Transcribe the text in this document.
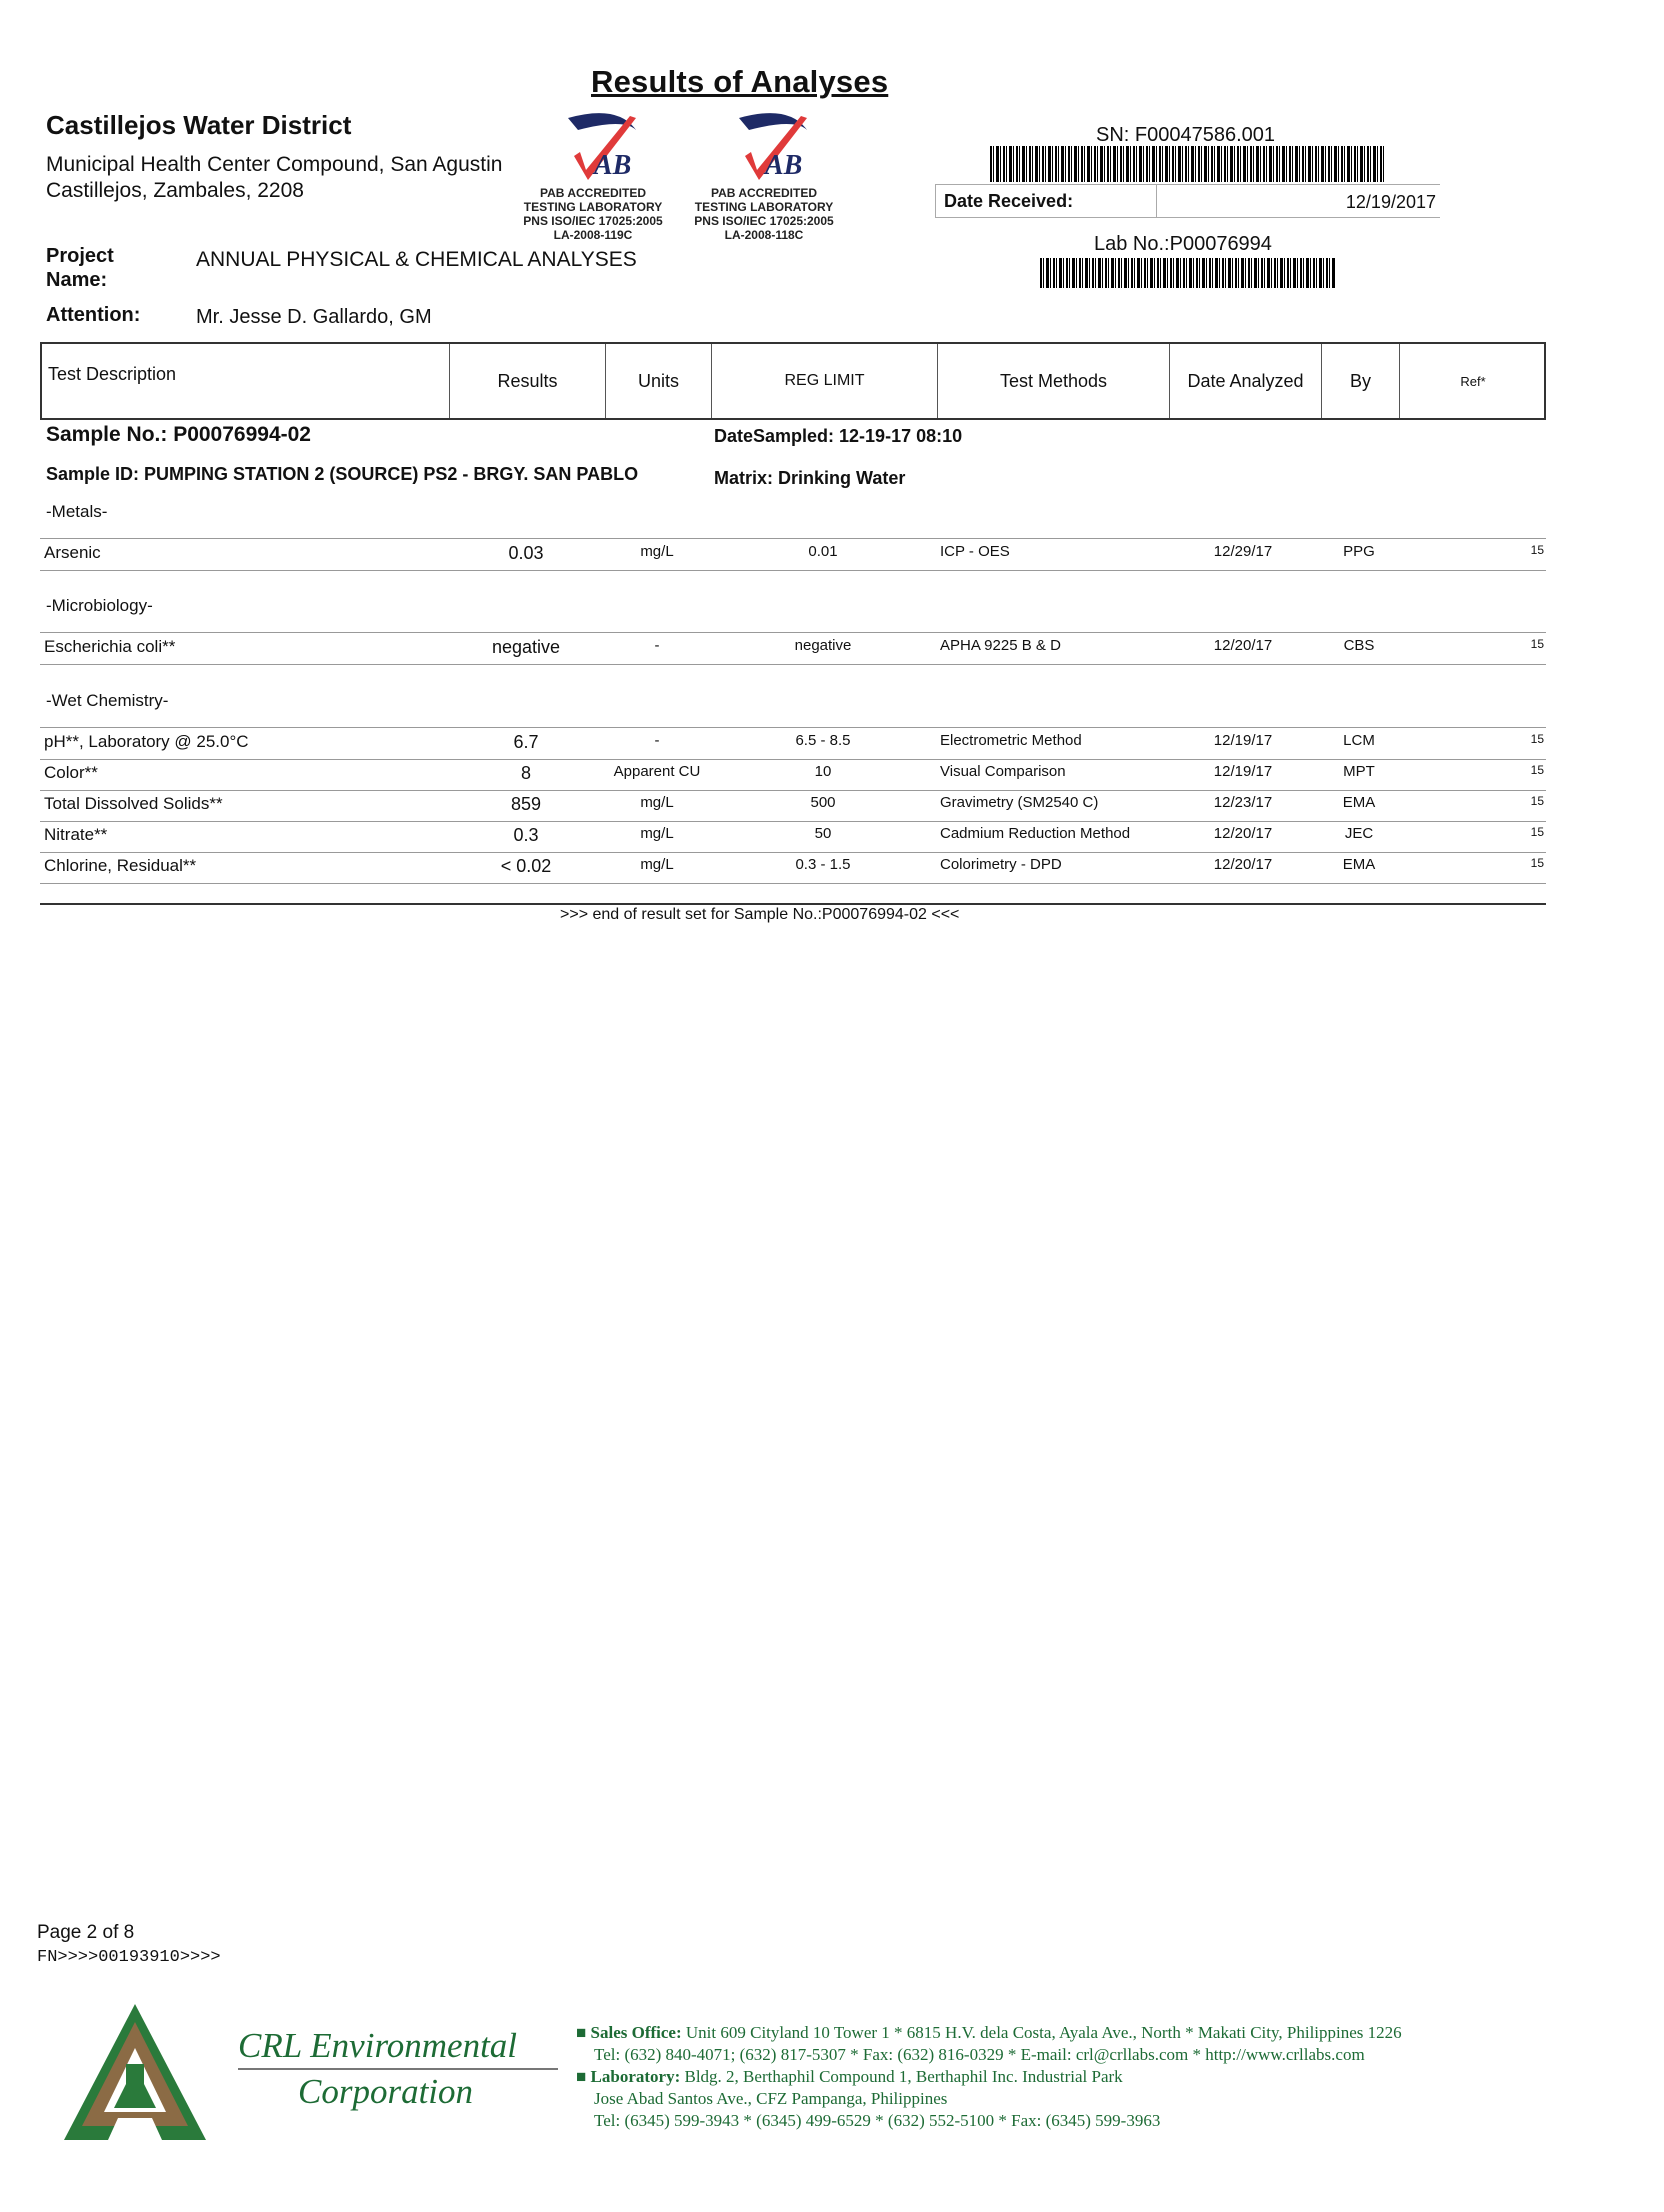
Results of Analyses
Castillejos Water District
Municipal Health Center Compound, San Agustin
Castillejos, Zambales, 2208
AB
PAB ACCREDITED
TESTING LABORATORY
PNS ISO/IEC 17025:2005
LA-2008-119C
AB
PAB ACCREDITED
TESTING LABORATORY
PNS ISO/IEC 17025:2005
LA-2008-118C
SN: F00047586.001
Date Received:	12/19/2017
Lab No.:P00076994
Project
Name:
ANNUAL PHYSICAL & CHEMICAL ANALYSES
Attention:	Mr. Jesse D. Gallardo, GM
Test Description	Results	Units	REG LIMIT	Test Methods	Date Analyzed	By	Ref*
Sample No.: P00076994-02	DateSampled: 12-19-17 08:10
Sample ID: PUMPING STATION 2 (SOURCE) PS2 - BRGY. SAN PABLO	Matrix: Drinking Water
-Metals-
-Microbiology-
-Wet Chemistry-
Arsenic	0.03	mg/L	0.01	ICP - OES	12/29/17	PPG	15
Escherichia coli**	negative	-	negative	APHA 9225 B & D	12/20/17	CBS	15
pH**, Laboratory @ 25.0°C	6.7	-	6.5 - 8.5	Electrometric Method	12/19/17	LCM	15
Color**	8	Apparent CU	10	Visual Comparison	12/19/17	MPT	15
Total Dissolved Solids**	859	mg/L	500	Gravimetry (SM2540 C)	12/23/17	EMA	15
Nitrate**	0.3	mg/L	50	Cadmium Reduction Method	12/20/17	JEC	15
Chlorine, Residual**	< 0.02	mg/L	0.3 - 1.5	Colorimetry - DPD	12/20/17	EMA	15
>>> end of result set for Sample No.:P00076994-02 <<<
Page 2 of 8
FN>>>>00193910>>>>
CRL Environmental
Corporation
■ Sales Office: Unit 609 Cityland 10 Tower 1 * 6815 H.V. dela Costa, Ayala Ave., North * Makati City, Philippines 1226
Tel: (632) 840-4071; (632) 817-5307 * Fax: (632) 816-0329 * E-mail: crl@crllabs.com * http://www.crllabs.com
■ Laboratory: Bldg. 2, Berthaphil Compound 1, Berthaphil Inc. Industrial Park
Jose Abad Santos Ave., CFZ Pampanga, Philippines
Tel: (6345) 599-3943 * (6345) 499-6529 * (632) 552-5100 * Fax: (6345) 599-3963
